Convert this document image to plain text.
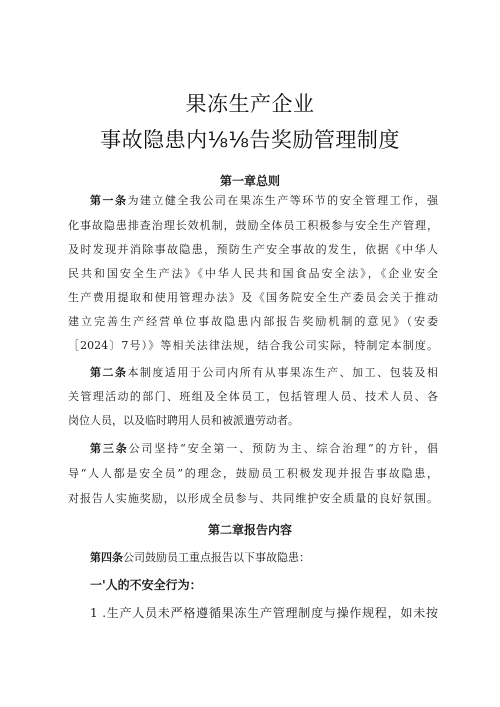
果冻生产企业
事故隐患内⅛⅛告奖励管理制度
第一章总则
第一条为建立健全我公司在果冻生产等环节的安全管理工作，强
化事故隐患排查治理长效机制，鼓励全体员工积极参与安全生产管理，
及时发现并消除事故隐患，预防生产安全事故的发生，依据《中华人
民共和国安全生产法》《中华人民共和国食品安全法》，《企业安全
生产费用提取和使用管理办法》及《国务院安全生产委员会关于推动
建立完善生产经营单位事故隐患内部报告奖励机制的意见》（安委
［2024〕7号）》等相关法律法规，结合我公司实际，特制定本制度。
第二条本制度适用于公司内所有从事果冻生产、加工、包装及相
关管理活动的部门、班组及全体员工，包括管理人员、技术人员、各
岗位人员，以及临时聘用人员和被派遣劳动者。
第三条公司坚持“安全第一、预防为主、综合治理”的方针，倡
导“人人都是安全员”的理念，鼓励员工积极发现并报告事故隐患，
对报告人实施奖励，以形成全员参与、共同维护安全质量的良好氛围。
第二章报告内容
第四条公司鼓励员工重点报告以下事故隐患：
一'人的不安全行为：
1 .生产人员未严格遵循果冻生产管理制度与操作规程，如未按
